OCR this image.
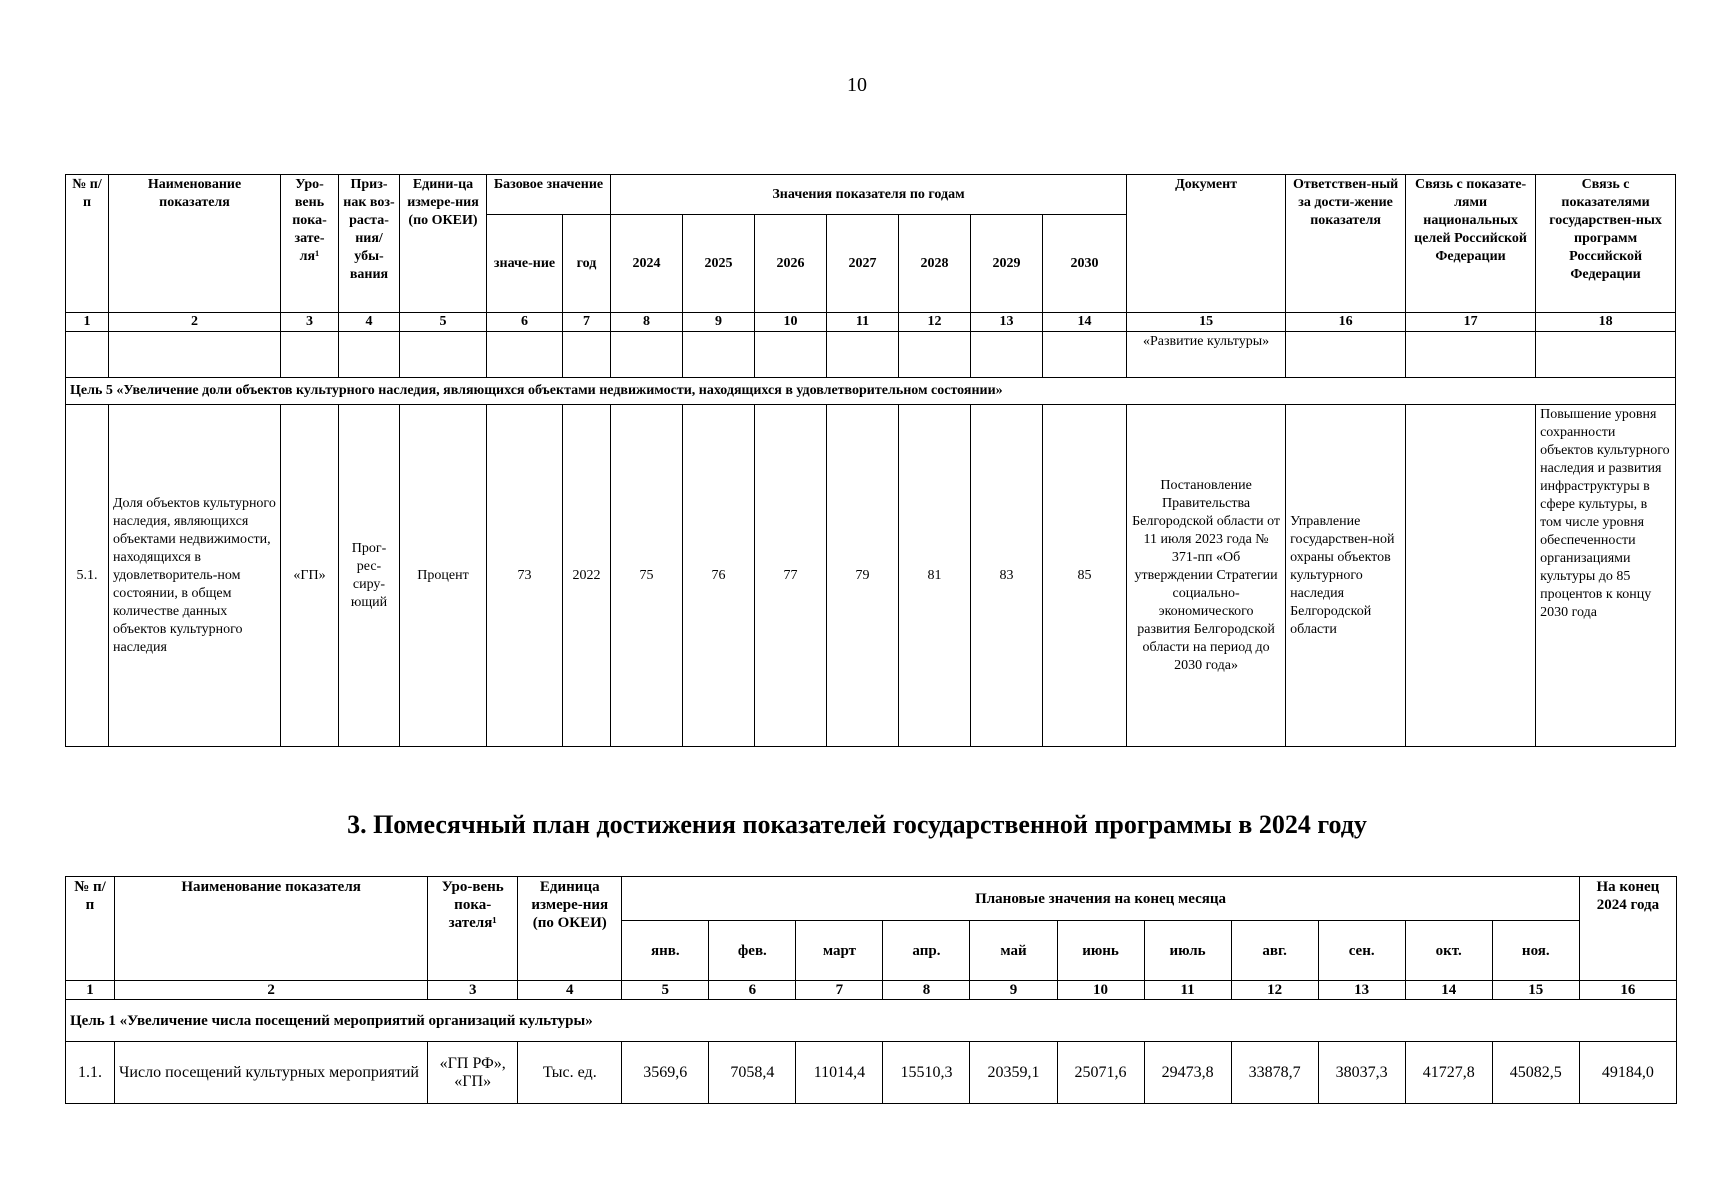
10
№ п/п	Наименование показателя	Уро-вень пока-зате-ля¹	Приз-нак воз-раста-ния/ убы-вания	Едини-ца измере-ния (по ОКЕИ)	Базовое значение		Значения показателя по годам							Документ	Ответствен-ный за дости-жение показателя	Связь с показате-лями национальных целей Российской Федерации	Связь с показателями государствен-ных программ Российской Федерации
					значе-ние	год	2024	2025	2026	2027	2028	2029	2030				
1	2	3	4	5	6	7	8	9	10	11	12	13	14	15	16	17	18
														«Развитие культуры»			
Цель 5 «Увеличение доли объектов культурного наследия, являющихся объектами недвижимости, находящихся в удовлетворительном состоянии»																	
5.1.	Доля объектов культурного наследия, являющихся объектами недвижимости, находящихся в удовлетворитель-ном состоянии, в общем количестве данных объектов культурного наследия	«ГП»	Прог-рес-сиру-ющий	Процент	73	2022	75	76	77	79	81	83	85	Постановление Правительства Белгородской области от 11 июля 2023 года № 371-пп «Об утверждении Стратегии социально-экономического развития Белгородской области на период до 2030 года»	Управление государствен-ной охраны объектов культурного наследия Белгородской области		Повышение уровня сохранности объектов культурного наследия и развития инфраструктуры в сфере культуры, в том числе уровня обеспеченности организациями культуры до 85 процентов к концу 2030 года
3. Помесячный план достижения показателей государственной программы в 2024 году
№ п/п	Наименование показателя	Уро-вень пока-зателя¹	Единица измере-ния (по ОКЕИ)	Плановые значения на конец месяца											На конец 2024 года
				янв.	фев.	март	апр.	май	июнь	июль	авг.	сен.	окт.	ноя.	
1	2	3	4	5	6	7	8	9	10	11	12	13	14	15	16
Цель 1 «Увеличение числа посещений мероприятий организаций культуры»															
1.1.	Число посещений культурных мероприятий	«ГП РФ», «ГП»	Тыс. ед.	3569,6	7058,4	11014,4	15510,3	20359,1	25071,6	29473,8	33878,7	38037,3	41727,8	45082,5	49184,0
